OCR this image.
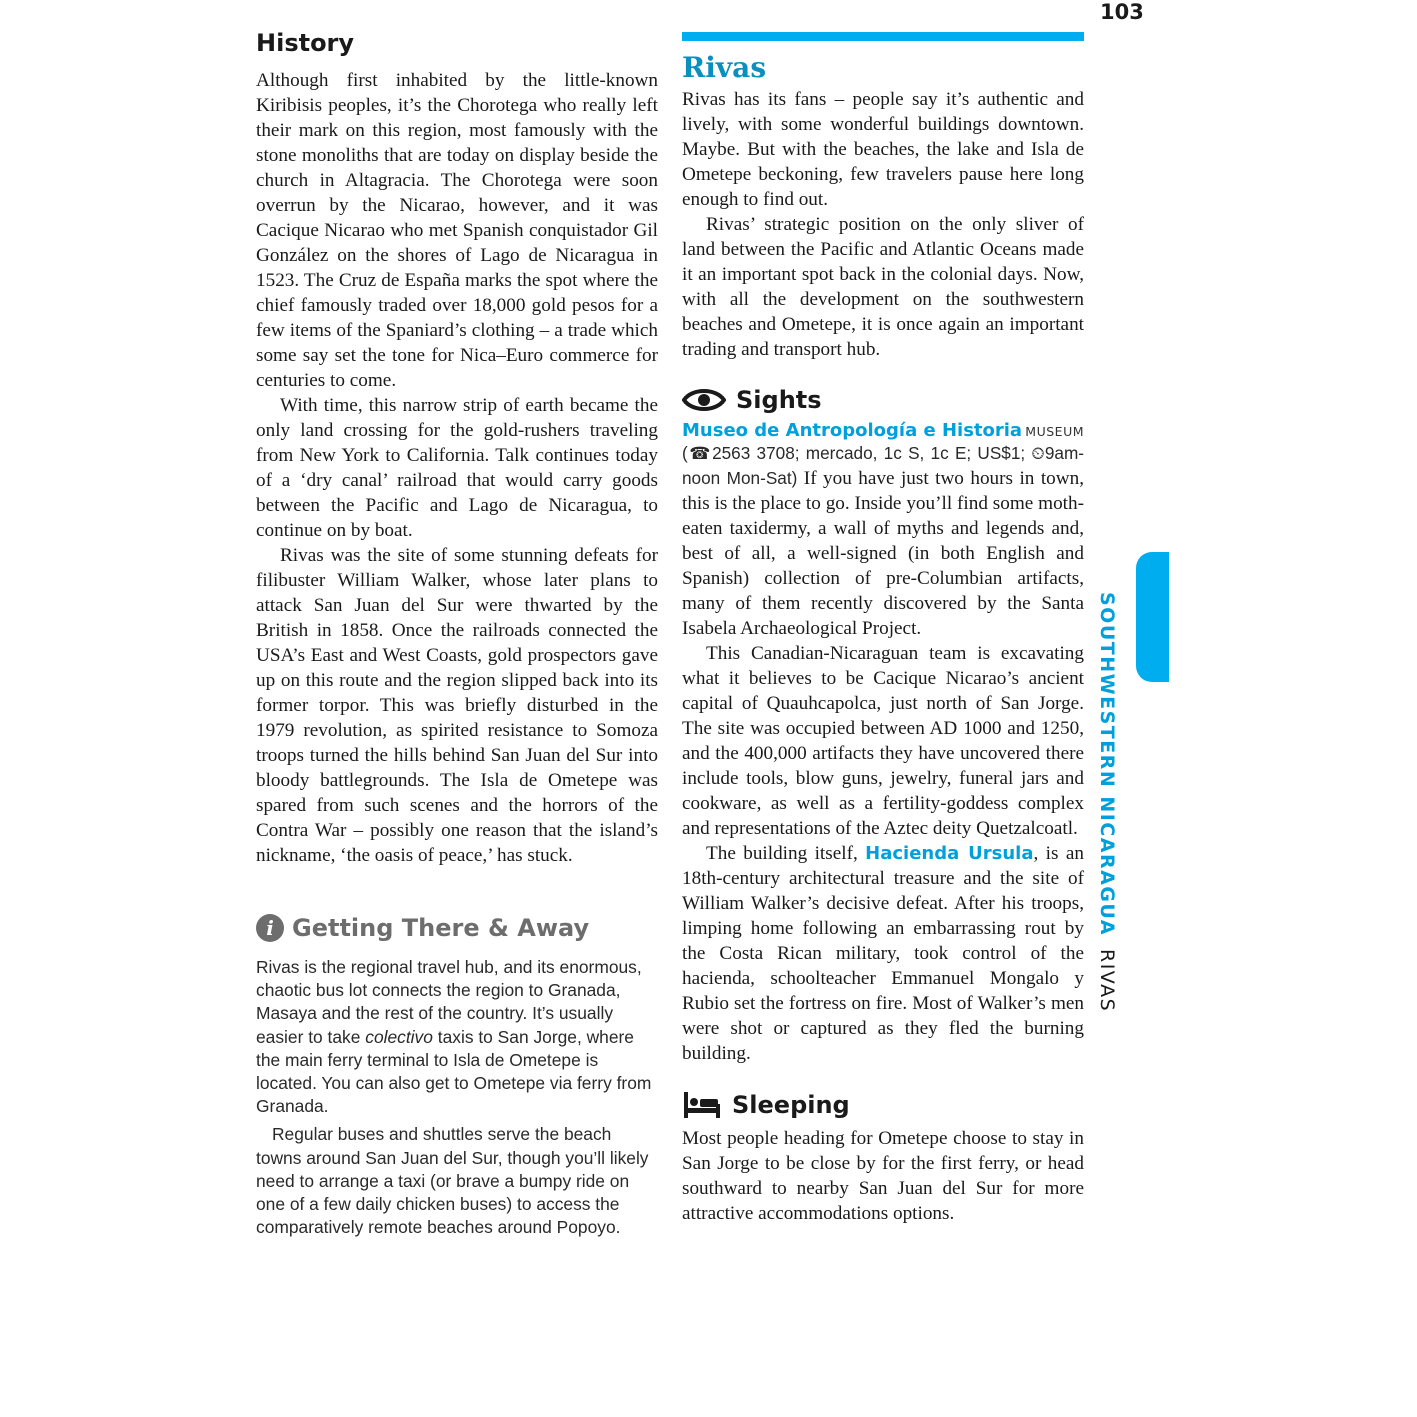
103
History

Although first inhabited by the little-known Kiribisis peoples, it’s the Chorotega who really left their mark on this region, most famously with the stone monoliths that are today on display beside the church in Altagracia. The Chorotega were soon overrun by the Nicarao, however, and it was Cacique Nicarao who met Spanish conquistador Gil González on the shores of Lago de Nicaragua in 1523. The Cruz de España marks the spot where the chief famously traded over 18,000 gold pesos for a few items of the Spaniard’s clothing – a trade which some say set the tone for Nica–Euro commerce for centuries to come.

With time, this narrow strip of earth became the only land crossing for the gold-rushers traveling from New York to California. Talk continues today of a ‘dry canal’ railroad that would carry goods between the Pacific and Lago de Nicaragua, to continue on by boat.

Rivas was the site of some stunning defeats for filibuster William Walker, whose later plans to attack San Juan del Sur were thwarted by the British in 1858. Once the railroads connected the USA’s East and West Coasts, gold prospectors gave up on this route and the region slipped back into its former torpor. This was briefly disturbed in the 1979 revolution, as spirited resistance to Somoza troops turned the hills behind San Juan del Sur into bloody battlegrounds. The Isla de Ometepe was spared from such scenes and the horrors of the Contra War – possibly one reason that the island’s nickname, ‘the oasis of peace,’ has stuck.

i Getting There & Away

Rivas is the regional travel hub, and its enormous, chaotic bus lot connects the region to Granada, Masaya and the rest of the country. It’s usually easier to take colectivo taxis to San Jorge, where the main ferry terminal to Isla de Ometepe is located. You can also get to Ometepe via ferry from Granada.

Regular buses and shuttles serve the beach towns around San Juan del Sur, though you’ll likely need to arrange a taxi (or brave a bumpy ride on one of a few daily chicken buses) to access the comparatively remote beaches around Popoyo.

Rivas

Rivas has its fans – people say it’s authentic and lively, with some wonderful buildings downtown. Maybe. But with the beaches, the lake and Isla de Ometepe beckoning, few travelers pause here long enough to find out.

Rivas’ strategic position on the only sliver of land between the Pacific and Atlantic Oceans made it an important spot back in the colonial days. Now, with all the development on the southwestern beaches and Ometepe, it is once again an important trading and transport hub.

Sights
Museo de Antropología e Historia MUSEUM

(☎2563 3708; mercado, 1c S, 1c E; US$1; ⏲9am-noon Mon-Sat) If you have just two hours in town, this is the place to go. Inside you’ll find some moth-eaten taxidermy, a wall of myths and legends and, best of all, a well-signed (in both English and Spanish) collection of pre-Columbian artifacts, many of them recently discovered by the Santa Isabela Archaeological Project.

This Canadian-Nicaraguan team is excavating what it believes to be Cacique Nicarao’s ancient capital of Quauhcapolca, just north of San Jorge. The site was occupied between AD 1000 and 1250, and the 400,000 artifacts they have uncovered there include tools, blow guns, jewelry, funeral jars and cookware, as well as a fertility-goddess complex and representations of the Aztec deity Quetzalcoatl.

The building itself, Hacienda Ursula, is an 18th-century architectural treasure and the site of William Walker’s decisive defeat. After his troops, limping home following an embarrassing rout by the Costa Rican military, took control of the hacienda, schoolteacher Emmanuel Mongalo y Rubio set the fortress on fire. Most of Walker’s men were shot or captured as they fled the burning building.

Sleeping

Most people heading for Ometepe choose to stay in San Jorge to be close by for the first ferry, or head southward to nearby San Juan del Sur for more attractive accommodations options.

SOUTHWESTERN NICARAGUA RIVAS
